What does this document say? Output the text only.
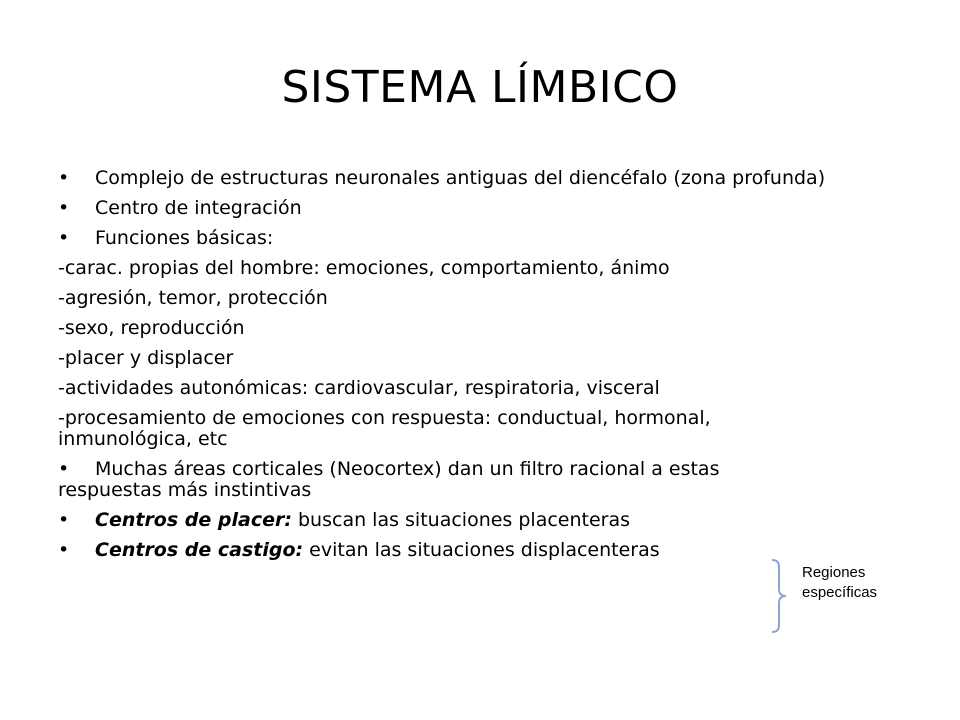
SISTEMA LÍMBICO
• Complejo de estructuras neuronales antiguas del diencéfalo (zona profunda)
• Centro de integración
• Funciones básicas:
-carac. propias del hombre: emociones, comportamiento, ánimo
-agresión, temor, protección
-sexo, reproducción
-placer y displacer
-actividades autonómicas: cardiovascular, respiratoria, visceral
-procesamiento de emociones con respuesta: conductual, hormonal, inmunológica, etc
• Muchas áreas corticales (Neocortex) dan un filtro racional a estas respuestas más instintivas
• Centros de placer: buscan las situaciones placenteras
• Centros de castigo: evitan las situaciones displacenteras
Regiones
específicas
